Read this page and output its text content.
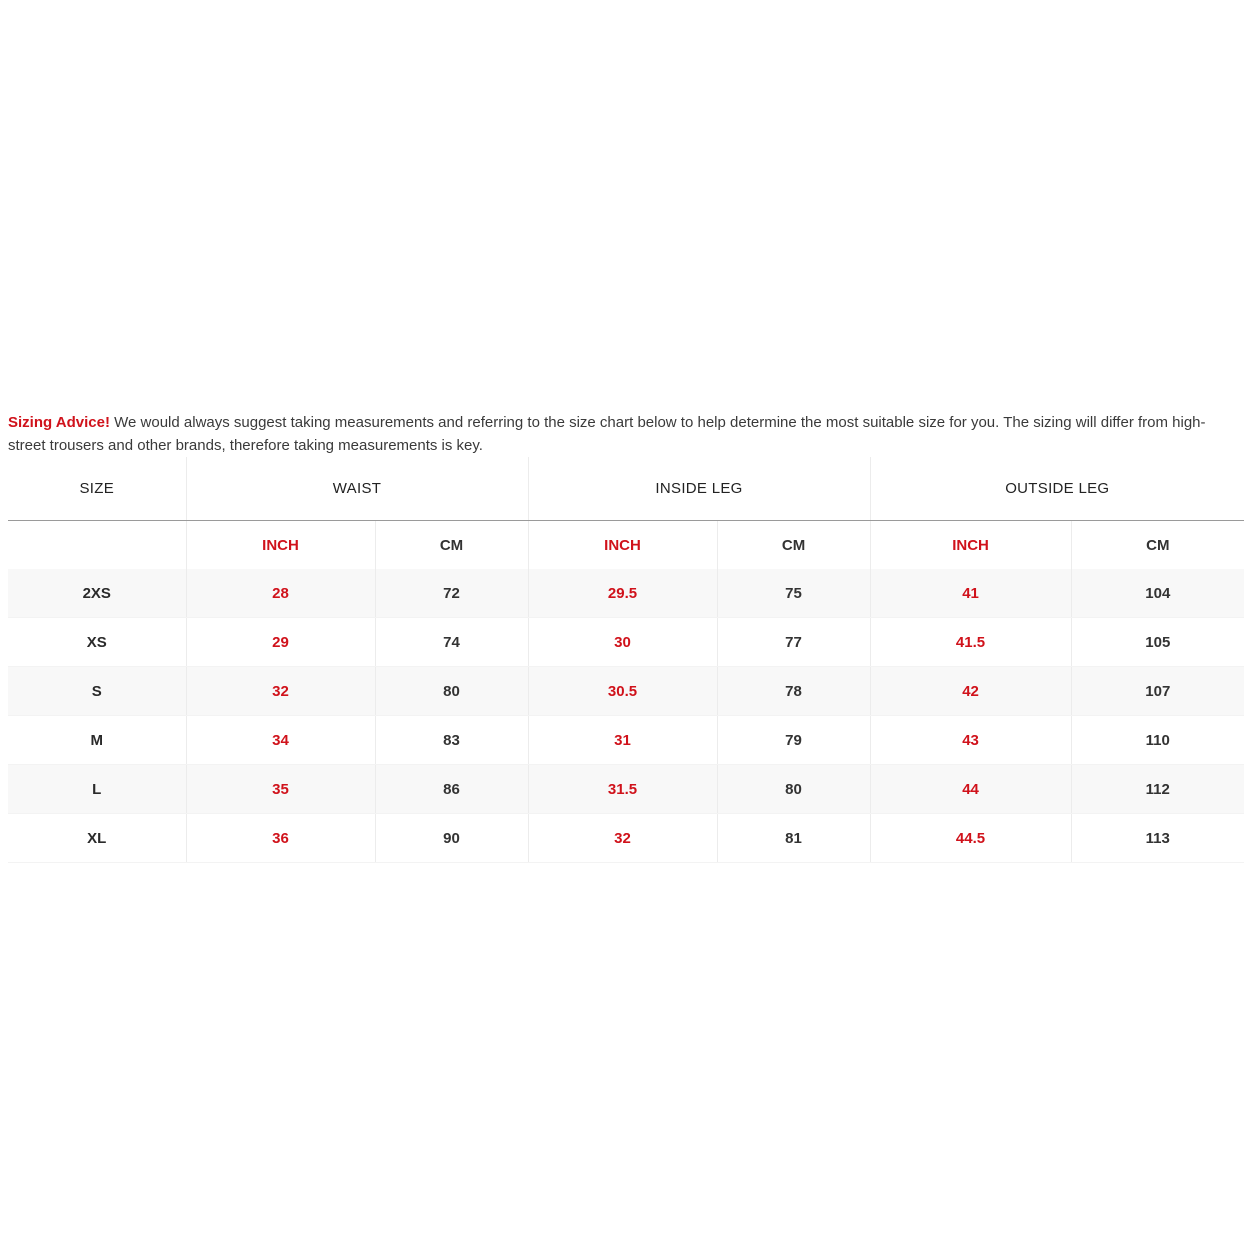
Sizing Advice! We would always suggest taking measurements and referring to the size chart below to help determine the most suitable size for you. The sizing will differ from high-street trousers and other brands, therefore taking measurements is key.

SIZE	WAIST		INSIDE LEG		OUTSIDE LEG	
	INCH	CM	INCH	CM	INCH	CM
2XS	28	72	29.5	75	41	104
XS	29	74	30	77	41.5	105
S	32	80	30.5	78	42	107
M	34	83	31	79	43	110
L	35	86	31.5	80	44	112
XL	36	90	32	81	44.5	113
